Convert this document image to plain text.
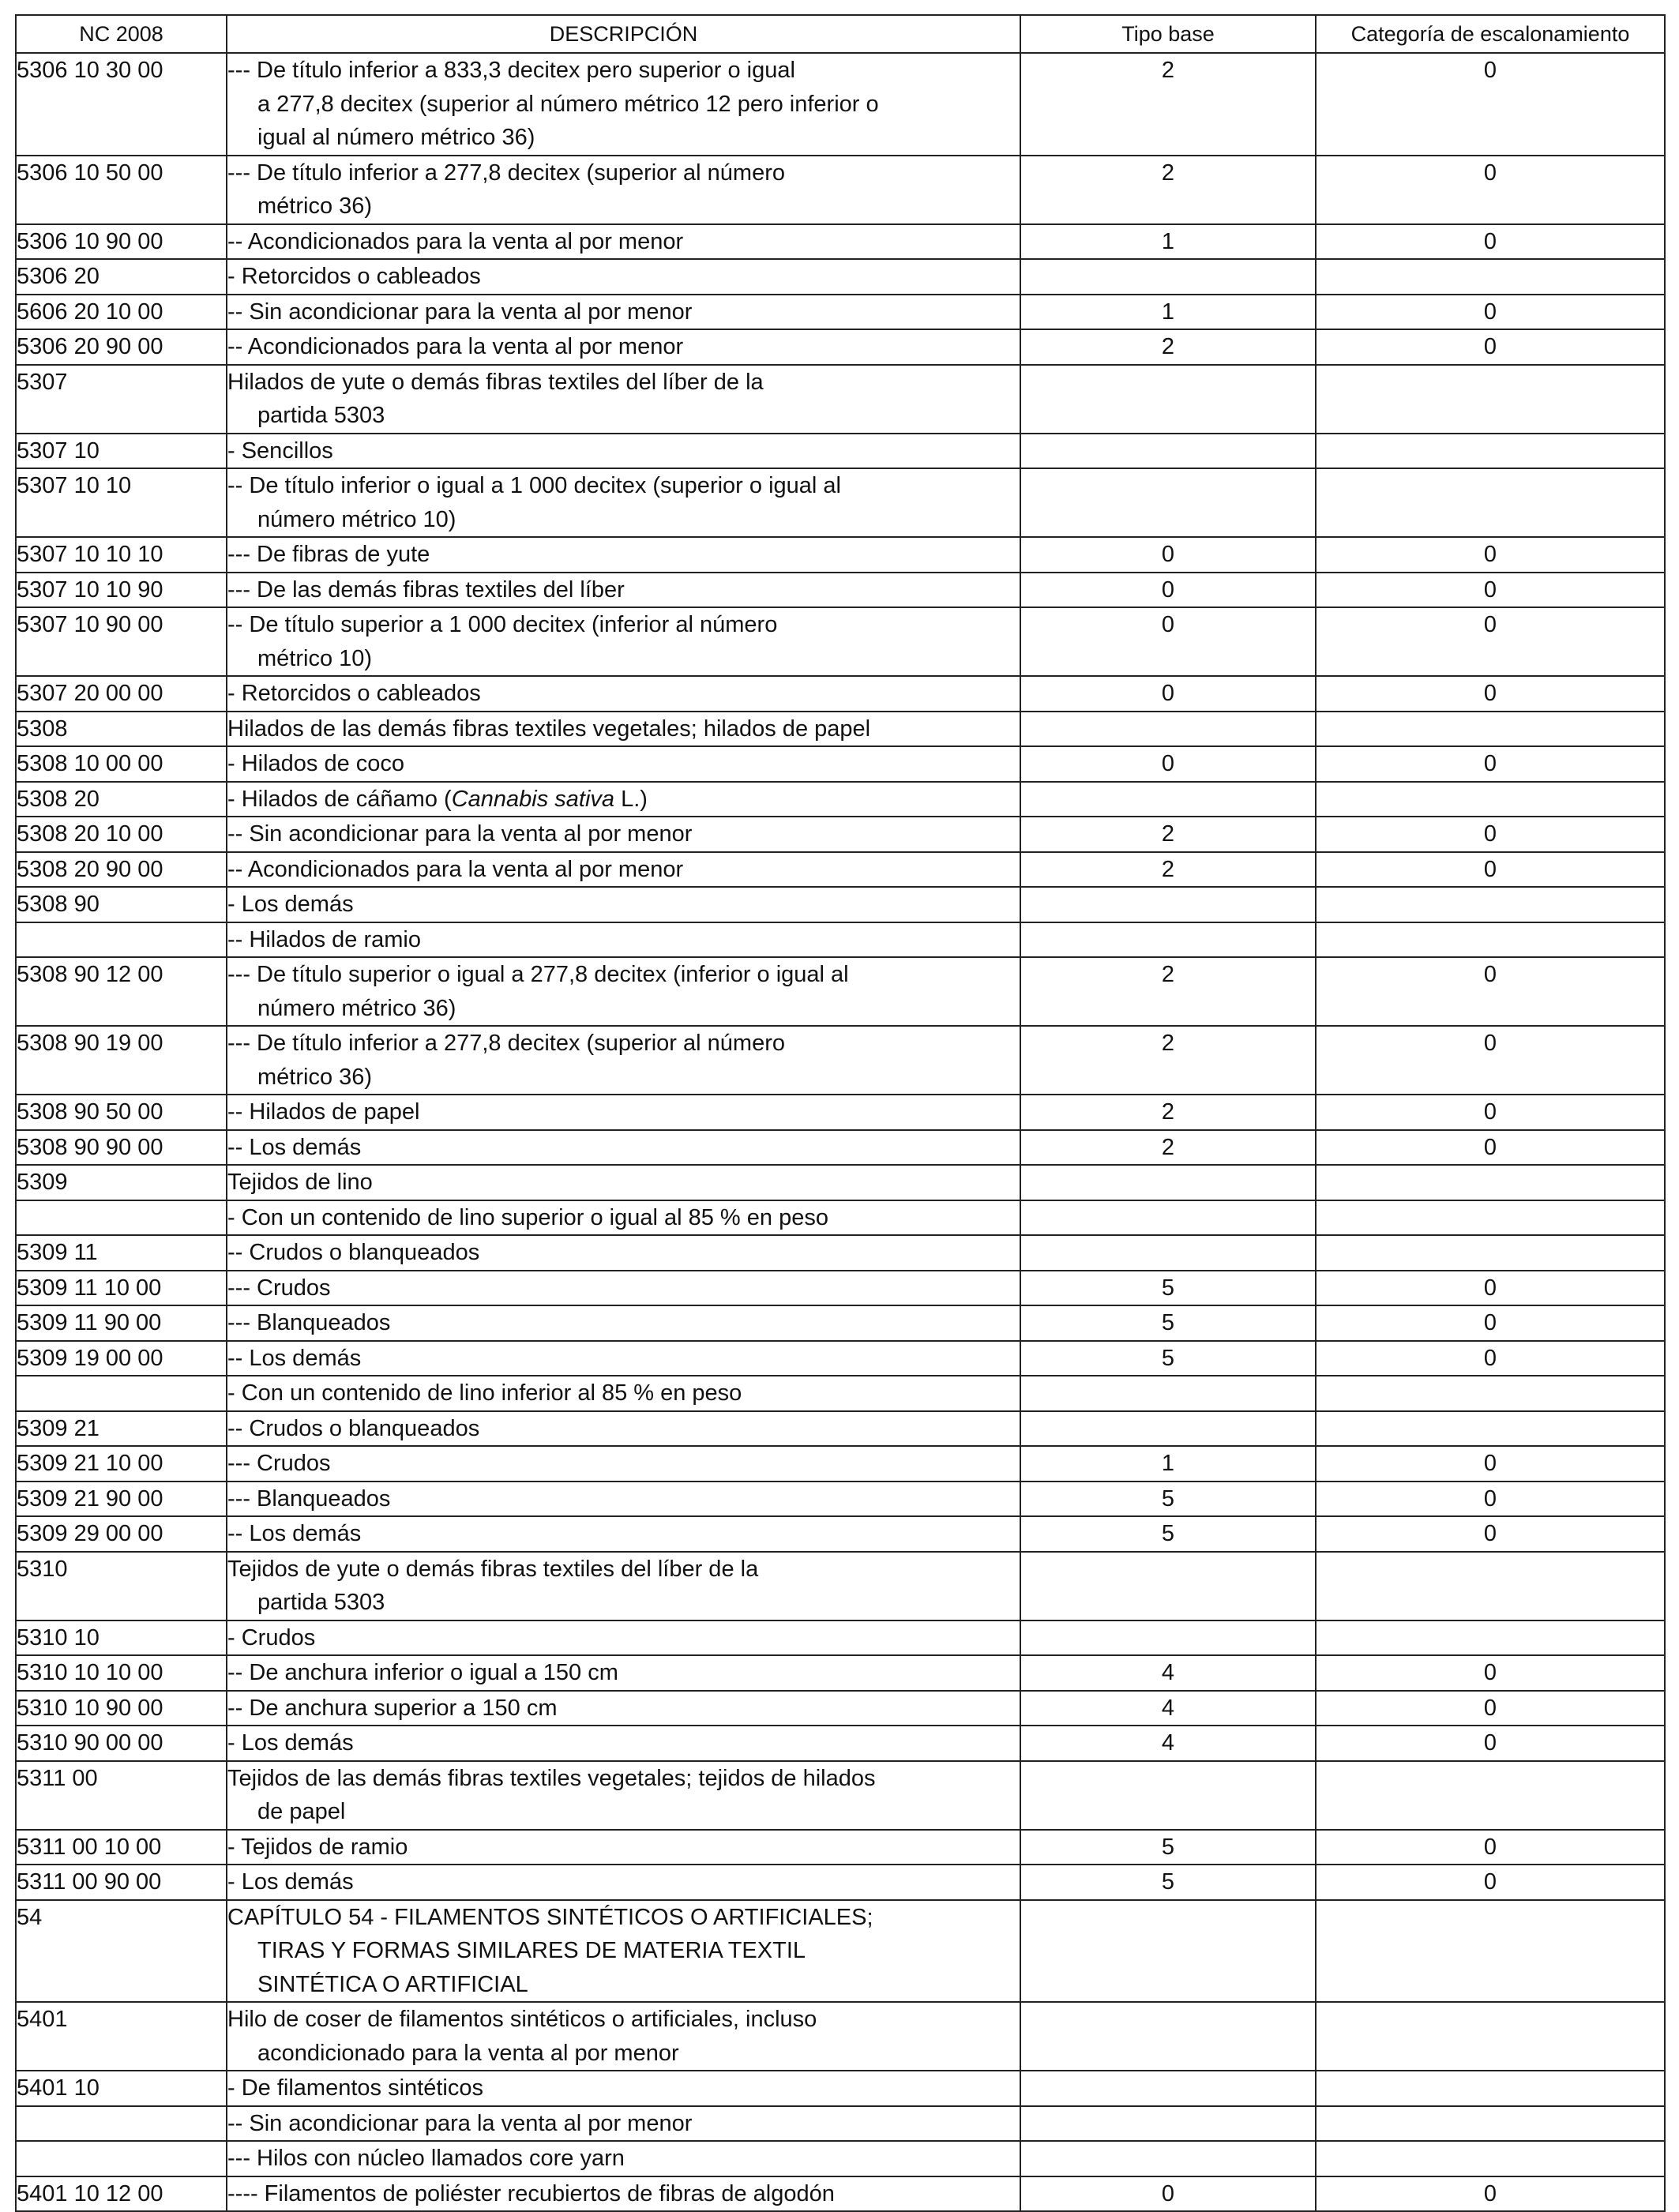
NC 2008	DESCRIPCIÓN	Tipo base	Categoría de escalonamiento
5306 10 30 00	--- De título inferior a 833,3 decitex pero superior o igual
a 277,8 decitex (superior al número métrico 12 pero inferior o
igual al número métrico 36)	2	0
5306 10 50 00	--- De título inferior a 277,8 decitex (superior al número
métrico 36)	2	0
5306 10 90 00	-- Acondicionados para la venta al por menor	1	0
5306 20	- Retorcidos o cableados		

5606 20 10 00	-- Sin acondicionar para la venta al por menor	1	0
5306 20 90 00	-- Acondicionados para la venta al por menor	2	0
5307	Hilados de yute o demás fibras textiles del líber de la
partida 5303		

5307 10	- Sencillos		

5307 10 10	-- De título inferior o igual a 1 000 decitex (superior o igual al
número métrico 10)		

5307 10 10 10	--- De fibras de yute	0	0
5307 10 10 90	--- De las demás fibras textiles del líber	0	0
5307 10 90 00	-- De título superior a 1 000 decitex (inferior al número
métrico 10)	0	0
5307 20 00 00	- Retorcidos o cableados	0	0
5308	Hilados de las demás fibras textiles vegetales; hilados de papel		

5308 10 00 00	- Hilados de coco	0	0
5308 20	- Hilados de cáñamo (Cannabis sativa L.)		

5308 20 10 00	-- Sin acondicionar para la venta al por menor	2	0
5308 20 90 00	-- Acondicionados para la venta al por menor	2	0
5308 90	- Los demás		

	-- Hilados de ramio		

5308 90 12 00	--- De título superior o igual a 277,8 decitex (inferior o igual al
número métrico 36)	2	0
5308 90 19 00	--- De título inferior a 277,8 decitex (superior al número
métrico 36)	2	0
5308 90 50 00	-- Hilados de papel	2	0
5308 90 90 00	-- Los demás	2	0
5309	Tejidos de lino		

	- Con un contenido de lino superior o igual al 85 % en peso		

5309 11	-- Crudos o blanqueados		

5309 11 10 00	--- Crudos	5	0
5309 11 90 00	--- Blanqueados	5	0
5309 19 00 00	-- Los demás	5	0

	- Con un contenido de lino inferior al 85 % en peso		

5309 21	-- Crudos o blanqueados		

5309 21 10 00	--- Crudos	1	0
5309 21 90 00	--- Blanqueados	5	0
5309 29 00 00	-- Los demás	5	0
5310	Tejidos de yute o demás fibras textiles del líber de la
partida 5303		

5310 10	- Crudos		

5310 10 10 00	-- De anchura inferior o igual a 150 cm	4	0
5310 10 90 00	-- De anchura superior a 150 cm	4	0
5310 90 00 00	- Los demás	4	0
5311 00	Tejidos de las demás fibras textiles vegetales; tejidos de hilados
de papel		

5311 00 10 00	- Tejidos de ramio	5	0
5311 00 90 00	- Los demás	5	0
54	CAPÍTULO 54 - FILAMENTOS SINTÉTICOS O ARTIFICIALES;
TIRAS Y FORMAS SIMILARES DE MATERIA TEXTIL
SINTÉTICA O ARTIFICIAL		

5401	Hilo de coser de filamentos sintéticos o artificiales, incluso
acondicionado para la venta al por menor		

5401 10	- De filamentos sintéticos		

	-- Sin acondicionar para la venta al por menor		

	--- Hilos con núcleo llamados core yarn		

5401 10 12 00	---- Filamentos de poliéster recubiertos de fibras de algodón	0	0
